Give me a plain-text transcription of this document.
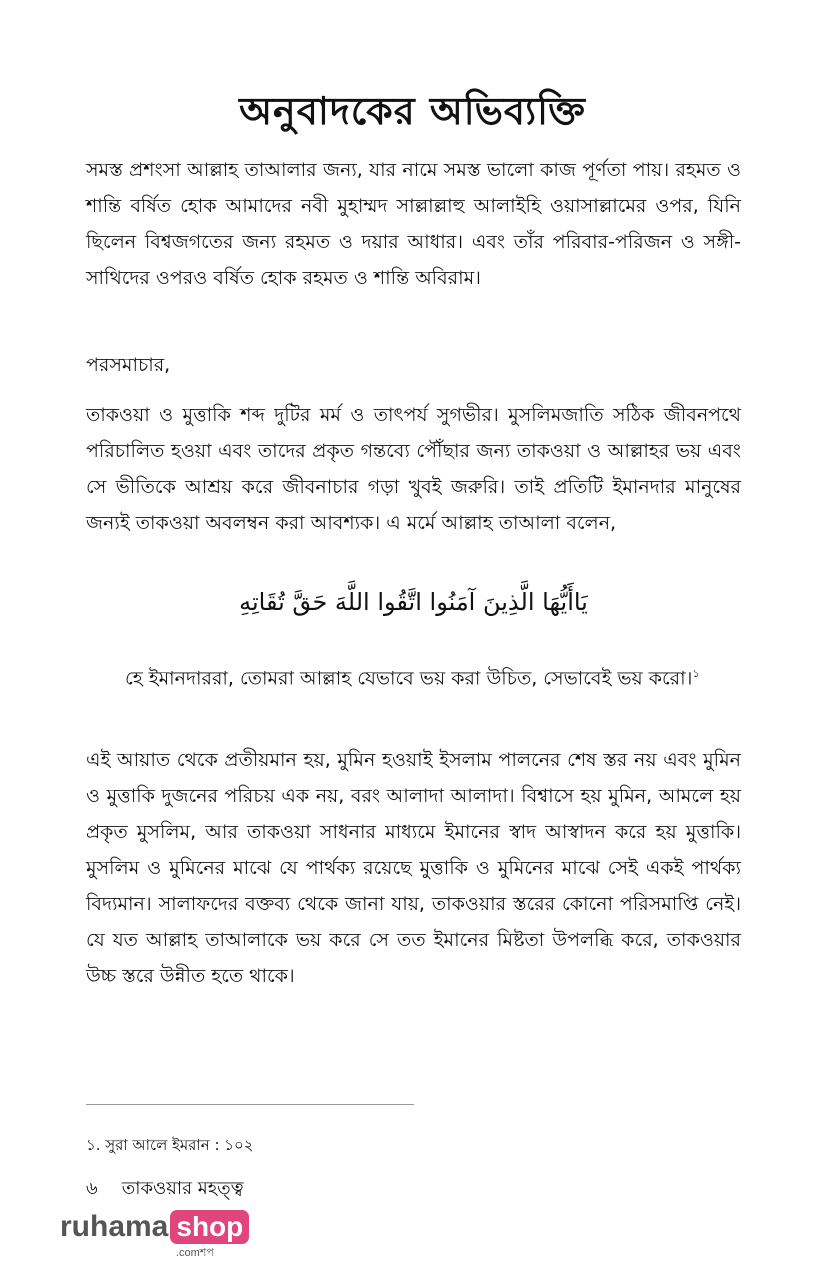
অনুবাদকের অভিব্যক্তি

সমস্ত প্রশংসা আল্লাহ তাআলার জন্য, যার নামে সমস্ত ভালো কাজ পূর্ণতা পায়। রহমত ও শান্তি বর্ষিত হোক আমাদের নবী মুহাম্মদ সাল্লাল্লাহু আলাইহি ওয়াসাল্লামের ওপর, যিনি ছিলেন বিশ্বজগতের জন্য রহমত ও দয়ার আধার। এবং তাঁর পরিবার-পরিজন ও সঙ্গী-সাথিদের ওপরও বর্ষিত হোক রহমত ও শান্তি অবিরাম।

পরসমাচার,

তাকওয়া ও মুত্তাকি শব্দ দুটির মর্ম ও তাৎপর্য সুগভীর। মুসলিমজাতি সঠিক জীবনপথে পরিচালিত হওয়া এবং তাদের প্রকৃত গন্তব্যে পৌঁছার জন্য তাকওয়া ও আল্লাহর ভয় এবং সে ভীতিকে আশ্রয় করে জীবনাচার গড়া খুবই জরুরি। তাই প্রতিটি ইমানদার মানুষের জন্যই তাকওয়া অবলম্বন করা আবশ্যক। এ মর্মে আল্লাহ তাআলা বলেন,

يَاأَيُّهَا الَّذِينَ آمَنُوا اتَّقُوا اللَّهَ حَقَّ تُقَاتِهِ

হে ইমানদাররা, তোমরা আল্লাহ যেভাবে ভয় করা উচিত, সেভাবেই ভয় করো।$^১$

এই আয়াত থেকে প্রতীয়মান হয়, মুমিন হওয়াই ইসলাম পালনের শেষ স্তর নয় এবং মুমিন ও মুত্তাকি দুজনের পরিচয় এক নয়, বরং আলাদা আলাদা। বিশ্বাসে হয় মুমিন, আমলে হয় প্রকৃত মুসলিম, আর তাকওয়া সাধনার মাধ্যমে ইমানের স্বাদ আস্বাদন করে হয় মুত্তাকি। মুসলিম ও মুমিনের মাঝে যে পার্থক্য রয়েছে মুত্তাকি ও মুমিনের মাঝে সেই একই পার্থক্য বিদ্যমান। সালাফদের বক্তব্য থেকে জানা যায়, তাকওয়ার স্তরের কোনো পরিসমাপ্তি নেই। যে যত আল্লাহ তাআলাকে ভয় করে সে তত ইমানের মিষ্টতা উপলব্ধি করে, তাকওয়ার উচ্চ স্তরে উন্নীত হতে থাকে।

১. সুরা আলে ইমরান : ১০২

৬ তাকওয়ার মহত্ত্ব
ruhama shop
.comশপ
